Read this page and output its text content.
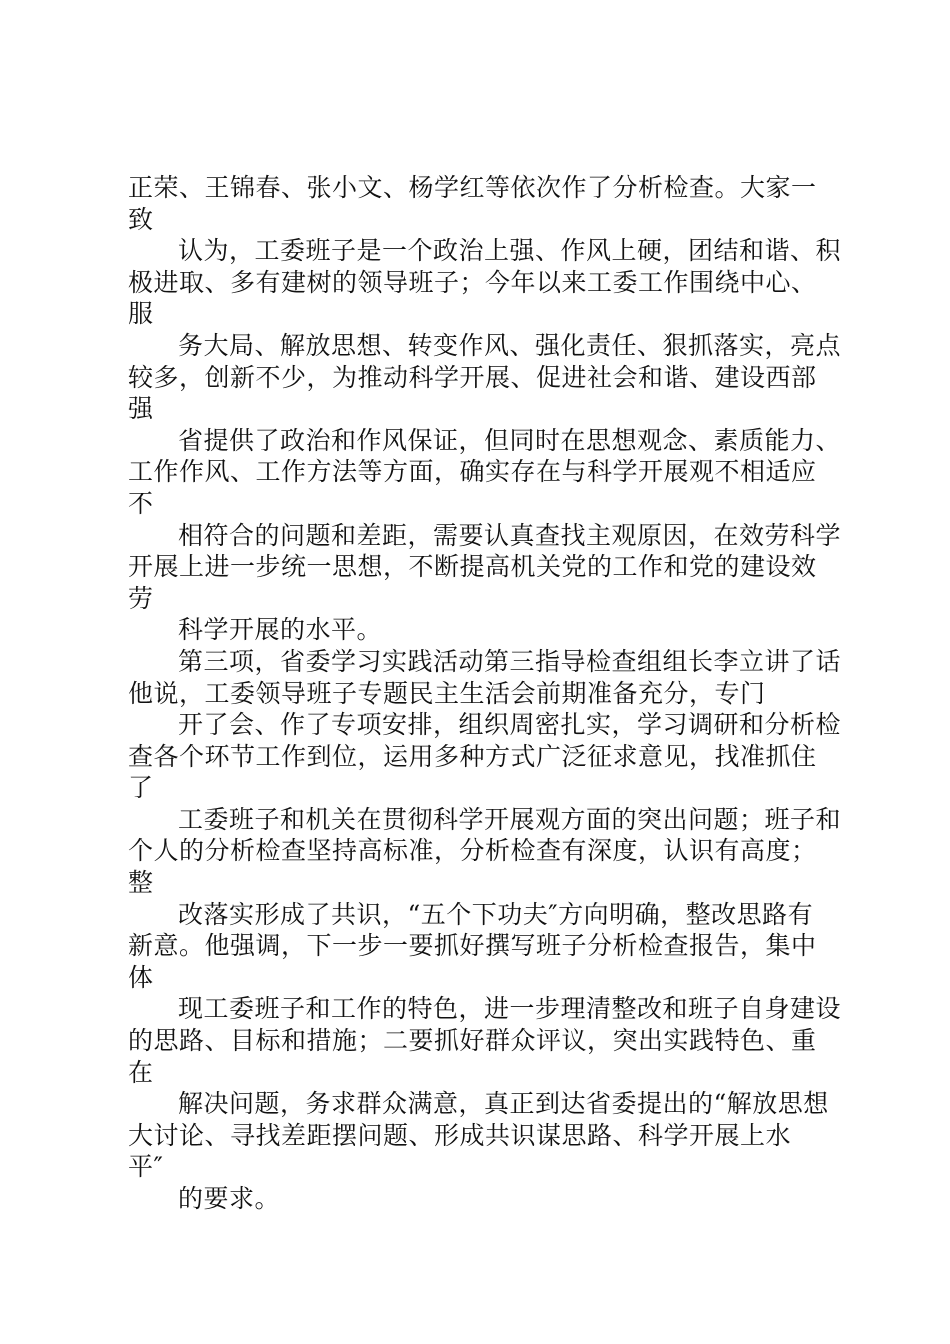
正荣、王锦春、张小文、杨学红等依次作了分析检查。大家一
致
认为，工委班子是一个政治上强、作风上硬，团结和谐、积
极进取、多有建树的领导班子；今年以来工委工作围绕中心、
服
务大局、解放思想、转变作风、强化责任、狠抓落实，亮点
较多，创新不少，为推动科学开展、促进社会和谐、建设西部
强
省提供了政治和作风保证，但同时在思想观念、素质能力、
工作作风、工作方法等方面，确实存在与科学开展观不相适应
不
相符合的问题和差距，需要认真查找主观原因，在效劳科学
开展上进一步统一思想，不断提高机关党的工作和党的建设效
劳
科学开展的水平。
第三项，省委学习实践活动第三指导检查组组长李立讲了话
他说，工委领导班子专题民主生活会前期准备充分，专门
开了会、作了专项安排，组织周密扎实，学习调研和分析检
查各个环节工作到位，运用多种方式广泛征求意见，找准抓住
了
工委班子和机关在贯彻科学开展观方面的突出问题；班子和
个人的分析检查坚持高标准，分析检查有深度，认识有高度；
整
改落实形成了共识，“五个下功夫″方向明确，整改思路有
新意。他强调，下一步一要抓好撰写班子分析检查报告，集中
体
现工委班子和工作的特色，进一步理清整改和班子自身建设
的思路、目标和措施；二要抓好群众评议，突出实践特色、重
在
解决问题，务求群众满意，真正到达省委提出的“解放思想
大讨论、寻找差距摆问题、形成共识谋思路、科学开展上水
平″
的要求。
